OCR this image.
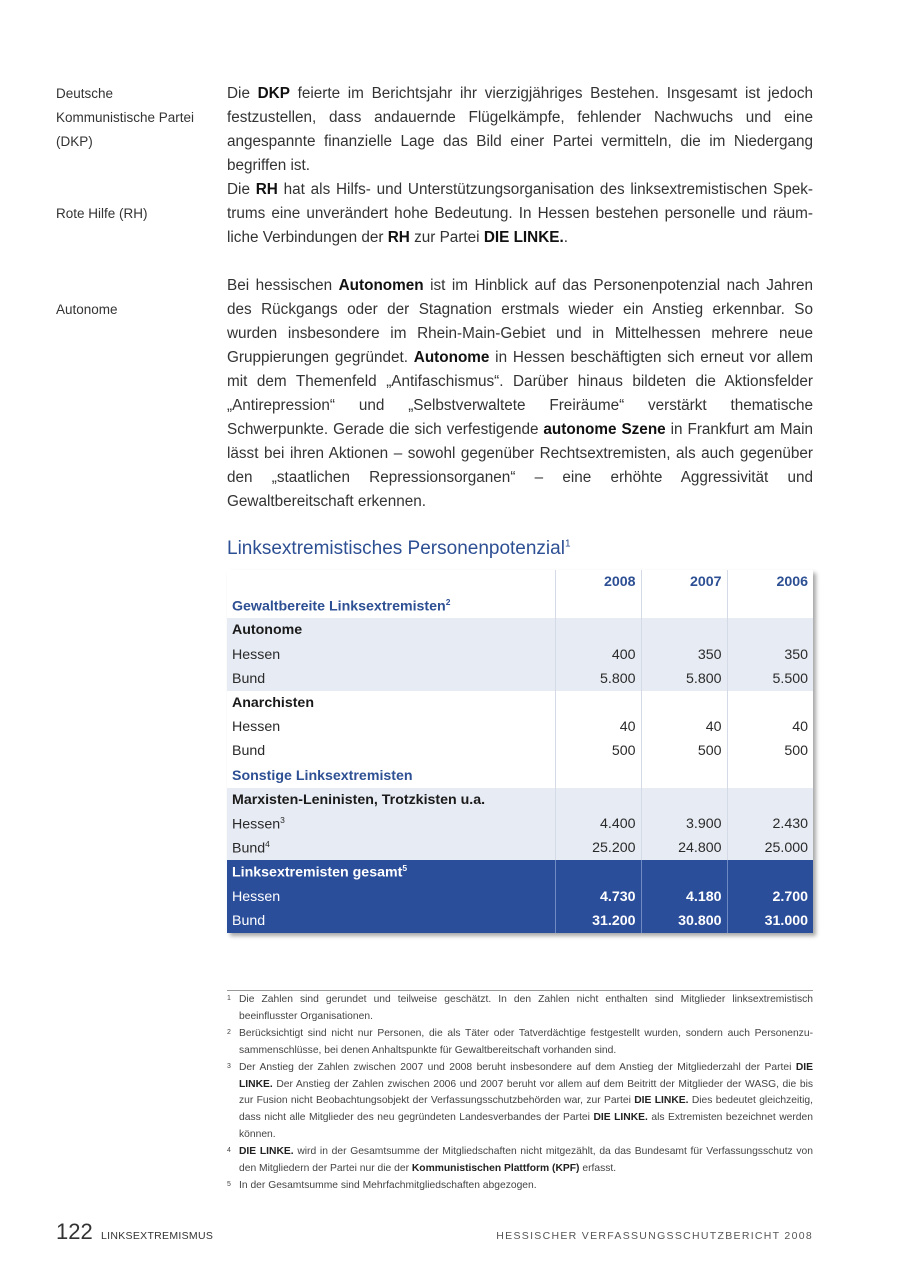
Deutsche
Kommunistische Partei (DKP)
Rote Hilfe (RH)
Autonome
Die DKP feierte im Berichtsjahr ihr vierzigjähriges Bestehen. Insgesamt ist jedoch festzustellen, dass andauernde Flügelkämpfe, fehlender Nachwuchs und eine angespannte finanzielle Lage das Bild einer Partei vermitteln, die im Niedergang begriffen ist.
Die RH hat als Hilfs- und Unterstützungsorganisation des linksextremistischen Spektrums eine unverändert hohe Bedeutung. In Hessen bestehen personelle und räumliche Verbindungen der RH zur Partei DIE LINKE..
Bei hessischen Autonomen ist im Hinblick auf das Personenpotenzial nach Jahren des Rückgangs oder der Stagnation erstmals wieder ein Anstieg erkennbar. So wurden insbesondere im Rhein-Main-Gebiet und in Mittelhessen mehrere neue Gruppierungen gegründet. Autonome in Hessen beschäftigten sich erneut vor allem mit dem Themenfeld „Antifaschismus“. Darüber hinaus bildeten die Aktionsfelder „Antirepression“ und „Selbstverwaltete Freiräume“ verstärkt thematische Schwerpunkte. Gerade die sich verfestigende autonome Szene in Frankfurt am Main lässt bei ihren Aktionen – sowohl gegenüber Rechtsextremisten, als auch gegenüber den „staatlichen Repressionsorganen“ – eine erhöhte Aggressivität und Gewaltbereitschaft erkennen.
Linksextremistisches Personenpotenzial$^1$
	2008	2007	2006
Gewaltbereite Linksextremisten$^2$			
Autonome			
Hessen	400	350	350
Bund	5.800	5.800	5.500
Anarchisten			
Hessen	40	40	40
Bund	500	500	500
Sonstige Linksextremisten			
Marxisten-Leninisten, Trotzkisten u.a.			
Hessen$^3$	4.400	3.900	2.430
Bund$^4$	25.200	24.800	25.000
Linksextremisten gesamt$^5$			
Hessen	4.730	4.180	2.700
Bund	31.200	30.800	31.000
1 Die Zahlen sind gerundet und teilweise geschätzt. In den Zahlen nicht enthalten sind Mitglieder linksextremistisch beeinflusster Organisationen.
2 Berücksichtigt sind nicht nur Personen, die als Täter oder Tatverdächtige festgestellt wurden, sondern auch Personenzusammenschlüsse, bei denen Anhaltspunkte für Gewaltbereitschaft vorhanden sind.
3 Der Anstieg der Zahlen zwischen 2007 und 2008 beruht insbesondere auf dem Anstieg der Mitgliederzahl der Partei DIE LINKE. Der Anstieg der Zahlen zwischen 2006 und 2007 beruht vor allem auf dem Beitritt der Mitglieder der WASG, die bis zur Fusion nicht Beobachtungsobjekt der Verfassungsschutzbehörden war, zur Partei DIE LINKE. Dies bedeutet gleichzeitig, dass nicht alle Mitglieder des neu gegründeten Landesverbandes der Partei DIE LINKE. als Extremisten bezeichnet werden können.
4 DIE LINKE. wird in der Gesamtsumme der Mitgliedschaften nicht mitgezählt, da das Bundesamt für Verfassungsschutz von den Mitgliedern der Partei nur die der Kommunistischen Plattform (KPF) erfasst.
5 In der Gesamtsumme sind Mehrfachmitgliedschaften abgezogen.
122 LINKSEXTREMISMUS	HESSISCHER VERFASSUNGSSCHUTZBERICHT 2008
